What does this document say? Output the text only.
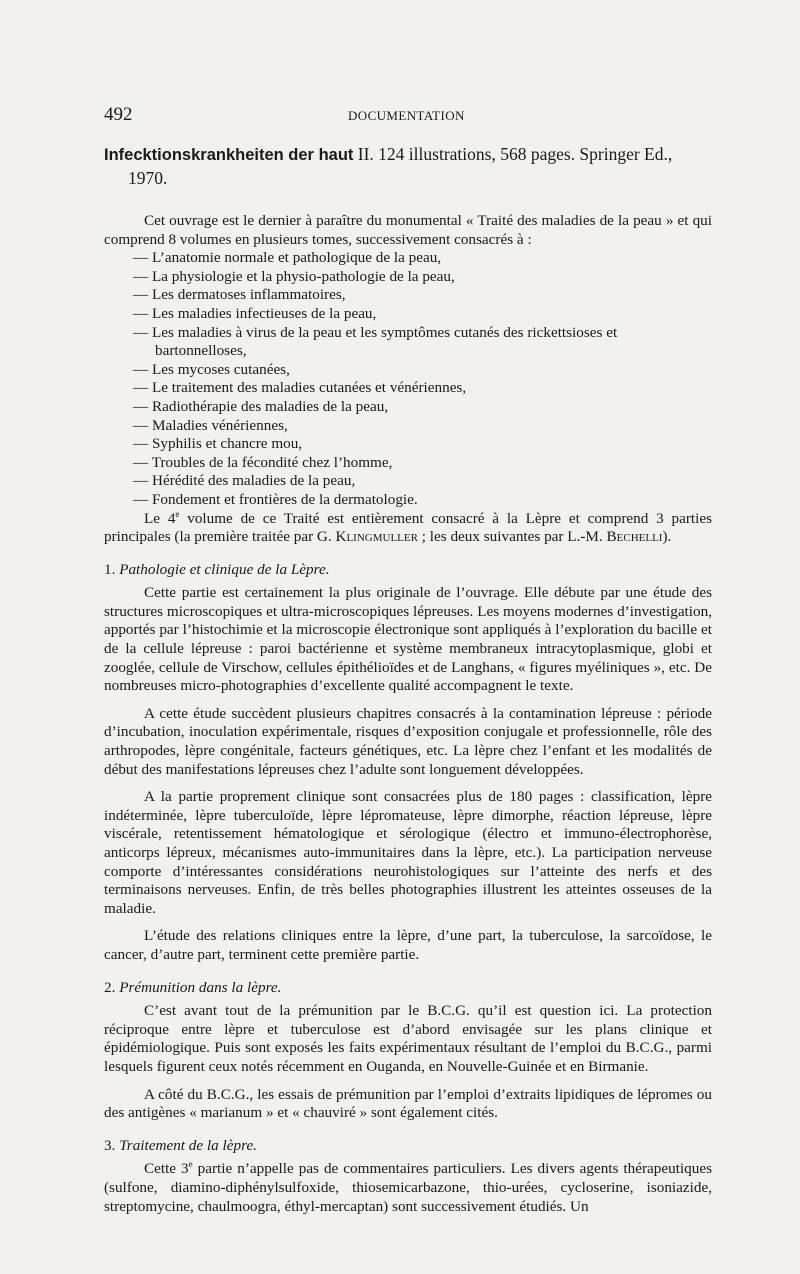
492	DOCUMENTATION

Infecktionskrankheiten der haut II. 124 illustrations, 568 pages. Springer Ed., 1970.

Cet ouvrage est le dernier à paraître du monumental « Traité des maladies de la peau » et qui comprend 8 volumes en plusieurs tomes, successivement consacrés à :

— L’anatomie normale et pathologique de la peau,
— La physiologie et la physio-pathologie de la peau,
— Les dermatoses inflammatoires,
— Les maladies infectieuses de la peau,
— Les maladies à virus de la peau et les symptômes cutanés des rickettsioses et bartonnelloses,
— Les mycoses cutanées,
— Le traitement des maladies cutanées et vénériennes,
— Radiothérapie des maladies de la peau,
— Maladies vénériennes,
— Syphilis et chancre mou,
— Troubles de la fécondité chez l’homme,
— Hérédité des maladies de la peau,
— Fondement et frontières de la dermatologie.

Le 4e volume de ce Traité est entièrement consacré à la Lèpre et comprend 3 parties principales (la première traitée par G. Klingmuller ; les deux suivantes par L.-M. Bechelli).

1. Pathologie et clinique de la Lèpre.

Cette partie est certainement la plus originale de l’ouvrage. Elle débute par une étude des structures microscopiques et ultra-microscopiques lépreuses. Les moyens modernes d’investigation, apportés par l’histochimie et la microscopie électronique sont appliqués à l’exploration du bacille et de la cellule lépreuse : paroi bactérienne et système membraneux intracytoplasmique, globi et zooglée, cellule de Virschow, cellules épithélioïdes et de Langhans, « figures myéliniques », etc. De nombreuses micro-photographies d’excellente qualité accompagnent le texte.

A cette étude succèdent plusieurs chapitres consacrés à la contamination lépreuse : période d’incubation, inoculation expérimentale, risques d’exposition conjugale et professionnelle, rôle des arthropodes, lèpre congénitale, facteurs génétiques, etc. La lèpre chez l’enfant et les modalités de début des manifestations lépreuses chez l’adulte sont longuement développées.

A la partie proprement clinique sont consacrées plus de 180 pages : classification, lèpre indéterminée, lèpre tuberculoïde, lèpre lépromateuse, lèpre dimorphe, réaction lépreuse, lèpre viscérale, retentissement hématologique et sérologique (électro et immuno-électrophorèse, anticorps lépreux, mécanismes auto-immunitaires dans la lèpre, etc.). La participation nerveuse comporte d’intéressantes considérations neurohistologiques sur l’atteinte des nerfs et des terminaisons nerveuses. Enfin, de très belles photographies illustrent les atteintes osseuses de la maladie.

L’étude des relations cliniques entre la lèpre, d’une part, la tuberculose, la sarcoïdose, le cancer, d’autre part, terminent cette première partie.

2. Prémunition dans la lèpre.

C’est avant tout de la prémunition par le B.C.G. qu’il est question ici. La protection réciproque entre lèpre et tuberculose est d’abord envisagée sur les plans clinique et épidémiologique. Puis sont exposés les faits expérimentaux résultant de l’emploi du B.C.G., parmi lesquels figurent ceux notés récemment en Ouganda, en Nouvelle-Guinée et en Birmanie.

A côté du B.C.G., les essais de prémunition par l’emploi d’extraits lipidiques de lépromes ou des antigènes « marianum » et « chauviré » sont également cités.

3. Traitement de la lèpre.

Cette 3e partie n’appelle pas de commentaires particuliers. Les divers agents thérapeutiques (sulfone, diamino-diphénylsulfoxide, thiosemicarbazone, thio-urées, cycloserine, isoniazide, streptomycine, chaulmoogra, éthyl-mercaptan) sont successivement étudiés. Un
